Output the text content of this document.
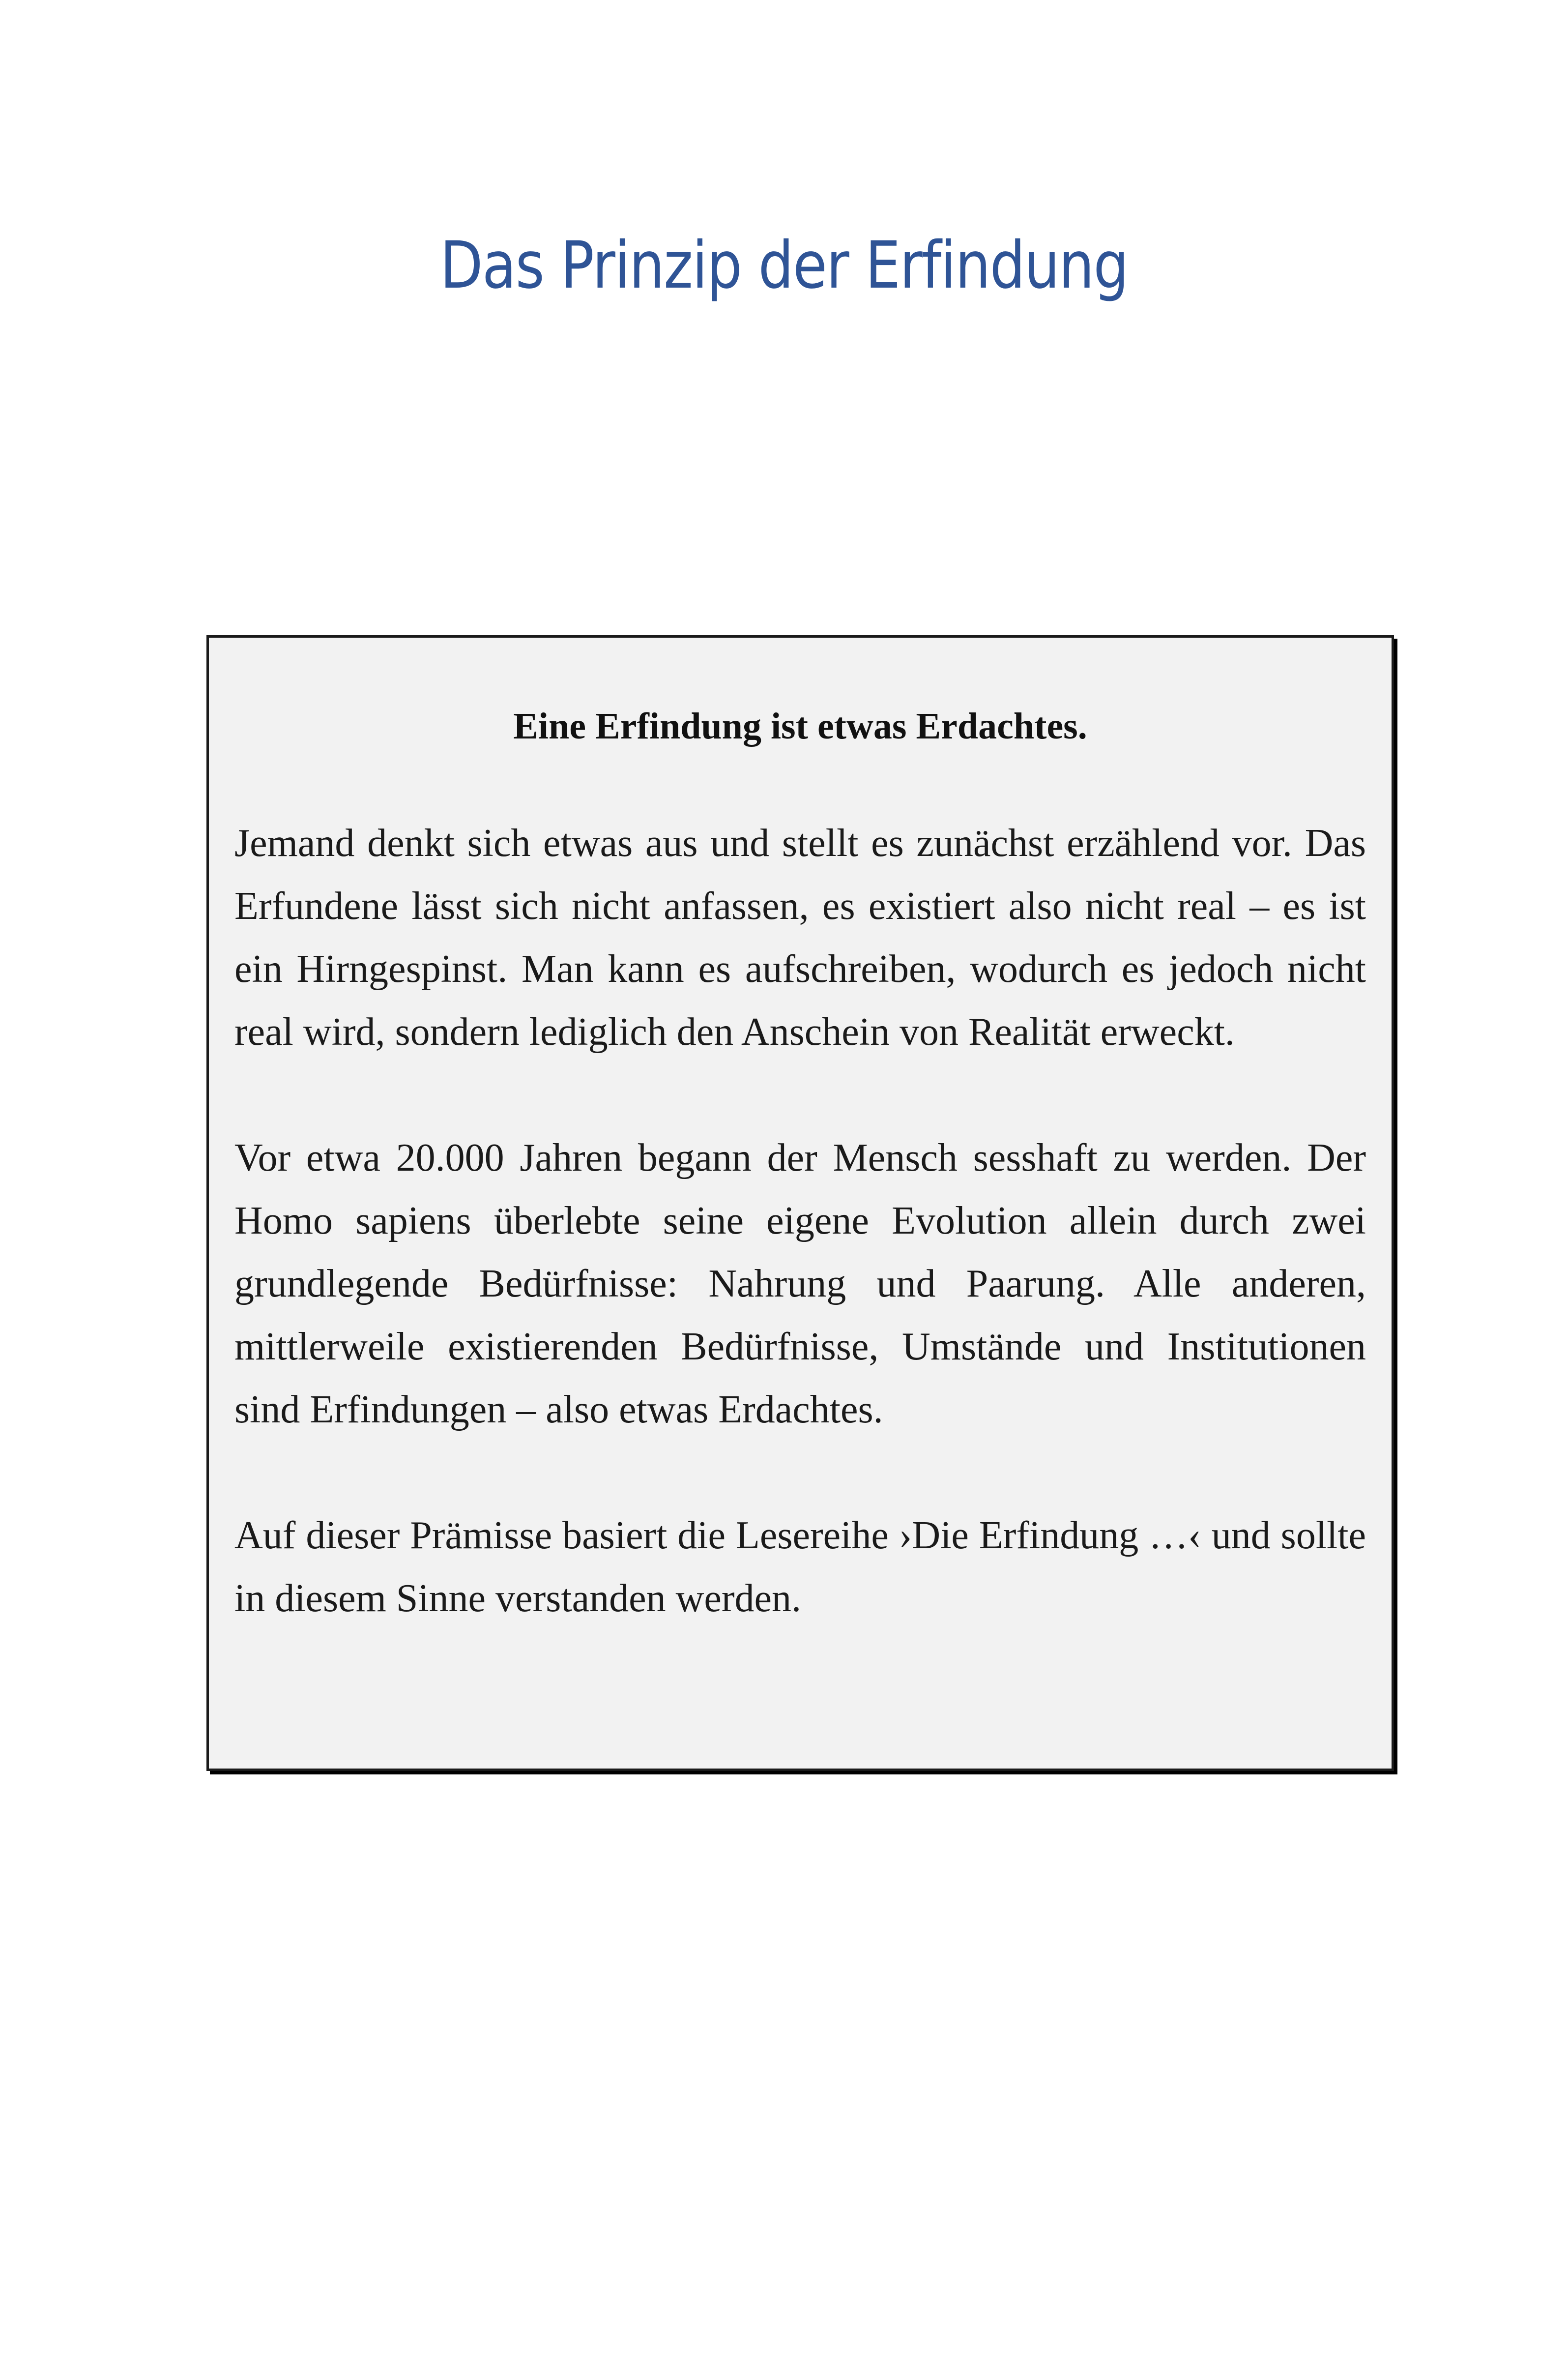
Das Prinzip der Erfindung

Eine Erfindung ist etwas Erdachtes.

Jemand denkt sich etwas aus und stellt es zunächst erzählend vor. Das Erfundene lässt sich nicht anfassen, es existiert also nicht real – es ist ein Hirngespinst. Man kann es aufschreiben, wodurch es jedoch nicht real wird, sondern lediglich den Anschein von Realität erweckt.

Vor etwa 20.000 Jahren begann der Mensch sesshaft zu werden. Der Homo sapiens überlebte seine eigene Evolution allein durch zwei grundlegende Bedürfnisse: Nahrung und Paarung. Alle anderen, mittlerweile existierenden Bedürfnisse, Umstände und Institutionen sind Erfindungen – also etwas Erdachtes.

Auf dieser Prämisse basiert die Lesereihe ›Die Erfindung …‹ und sollte in diesem Sinne verstanden werden.
